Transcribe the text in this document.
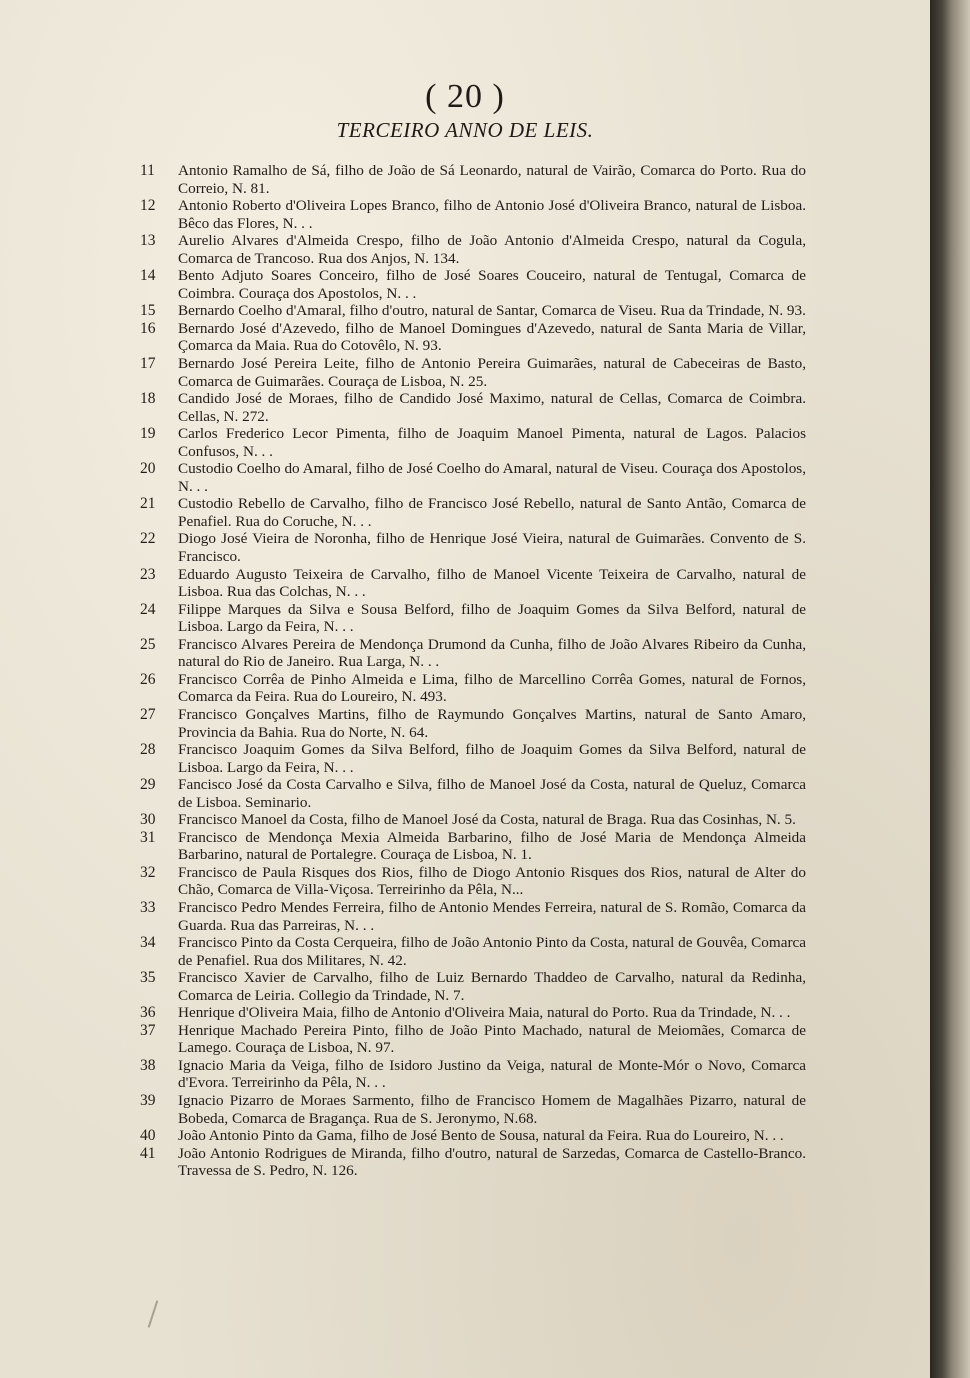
( 20 )
TERCEIRO ANNO DE LEIS.
11	Antonio Ramalho de Sá, filho de João de Sá Leonardo, natural de Vairão, Comarca do Porto. Rua do Correio, N. 81.
12	Antonio Roberto d'Oliveira Lopes Branco, filho de Antonio José d'Oliveira Branco, natural de Lisboa. Bêco das Flores, N. . .
13	Aurelio Alvares d'Almeida Crespo, filho de João Antonio d'Almeida Crespo, natural da Cogula, Comarca de Trancoso. Rua dos Anjos, N. 134.
14	Bento Adjuto Soares Conceiro, filho de José Soares Couceiro, natural de Tentugal, Comarca de Coimbra. Couraça dos Apostolos, N. . .
15	Bernardo Coelho d'Amaral, filho d'outro, natural de Santar, Comarca de Viseu. Rua da Trindade, N. 93.
16	Bernardo José d'Azevedo, filho de Manoel Domingues d'Azevedo, natural de Santa Maria de Villar, Çomarca da Maia. Rua do Cotovêlo, N. 93.
17	Bernardo José Pereira Leite, filho de Antonio Pereira Guimarães, natural de Cabeceiras de Basto, Comarca de Guimarães. Couraça de Lisboa, N. 25.
18	Candido José de Moraes, filho de Candido José Maximo, natural de Cellas, Comarca de Coimbra. Cellas, N. 272.
19	Carlos Frederico Lecor Pimenta, filho de Joaquim Manoel Pimenta, natural de Lagos. Palacios Confusos, N. . .
20	Custodio Coelho do Amaral, filho de José Coelho do Amaral, natural de Viseu. Couraça dos Apostolos, N. . .
21	Custodio Rebello de Carvalho, filho de Francisco José Rebello, natural de Santo Antão, Comarca de Penafiel. Rua do Coruche, N. . .
22	Diogo José Vieira de Noronha, filho de Henrique José Vieira, natural de Guimarães. Convento de S. Francisco.
23	Eduardo Augusto Teixeira de Carvalho, filho de Manoel Vicente Teixeira de Carvalho, natural de Lisboa. Rua das Colchas, N. . .
24	Filippe Marques da Silva e Sousa Belford, filho de Joaquim Gomes da Silva Belford, natural de Lisboa. Largo da Feira, N. . .
25	Francisco Alvares Pereira de Mendonça Drumond da Cunha, filho de João Alvares Ribeiro da Cunha, natural do Rio de Janeiro. Rua Larga, N. . .
26	Francisco Corrêa de Pinho Almeida e Lima, filho de Marcellino Corrêa Gomes, natural de Fornos, Comarca da Feira. Rua do Loureiro, N. 493.
27	Francisco Gonçalves Martins, filho de Raymundo Gonçalves Martins, natural de Santo Amaro, Provincia da Bahia. Rua do Norte, N. 64.
28	Francisco Joaquim Gomes da Silva Belford, filho de Joaquim Gomes da Silva Belford, natural de Lisboa. Largo da Feira, N. . .
29	Fancisco José da Costa Carvalho e Silva, filho de Manoel José da Costa, natural de Queluz, Comarca de Lisboa. Seminario.
30	Francisco Manoel da Costa, filho de Manoel José da Costa, natural de Braga. Rua das Cosinhas, N. 5.
31	Francisco de Mendonça Mexia Almeida Barbarino, filho de José Maria de Mendonça Almeida Barbarino, natural de Portalegre. Couraça de Lisboa, N. 1.
32	Francisco de Paula Risques dos Rios, filho de Diogo Antonio Risques dos Rios, natural de Alter do Chão, Comarca de Villa-Viçosa. Terreirinho da Pêla, N...
33	Francisco Pedro Mendes Ferreira, filho de Antonio Mendes Ferreira, natural de S. Romão, Comarca da Guarda. Rua das Parreiras, N. . .
34	Francisco Pinto da Costa Cerqueira, filho de João Antonio Pinto da Costa, natural de Gouvêa, Comarca de Penafiel. Rua dos Militares, N. 42.
35	Francisco Xavier de Carvalho, filho de Luiz Bernardo Thaddeo de Carvalho, natural da Redinha, Comarca de Leiria. Collegio da Trindade, N. 7.
36	Henrique d'Oliveira Maia, filho de Antonio d'Oliveira Maia, natural do Porto. Rua da Trindade, N. . .
37	Henrique Machado Pereira Pinto, filho de João Pinto Machado, natural de Meiomães, Comarca de Lamego. Couraça de Lisboa, N. 97.
38	Ignacio Maria da Veiga, filho de Isidoro Justino da Veiga, natural de Monte-Mór o Novo, Comarca d'Evora. Terreirinho da Pêla, N. . .
39	Ignacio Pizarro de Moraes Sarmento, filho de Francisco Homem de Magalhães Pizarro, natural de Bobeda, Comarca de Bragança. Rua de S. Jeronymo, N.68.
40	João Antonio Pinto da Gama, filho de José Bento de Sousa, natural da Feira. Rua do Loureiro, N. . .
41	João Antonio Rodrigues de Miranda, filho d'outro, natural de Sarzedas, Comarca de Castello-Branco. Travessa de S. Pedro, N. 126.
